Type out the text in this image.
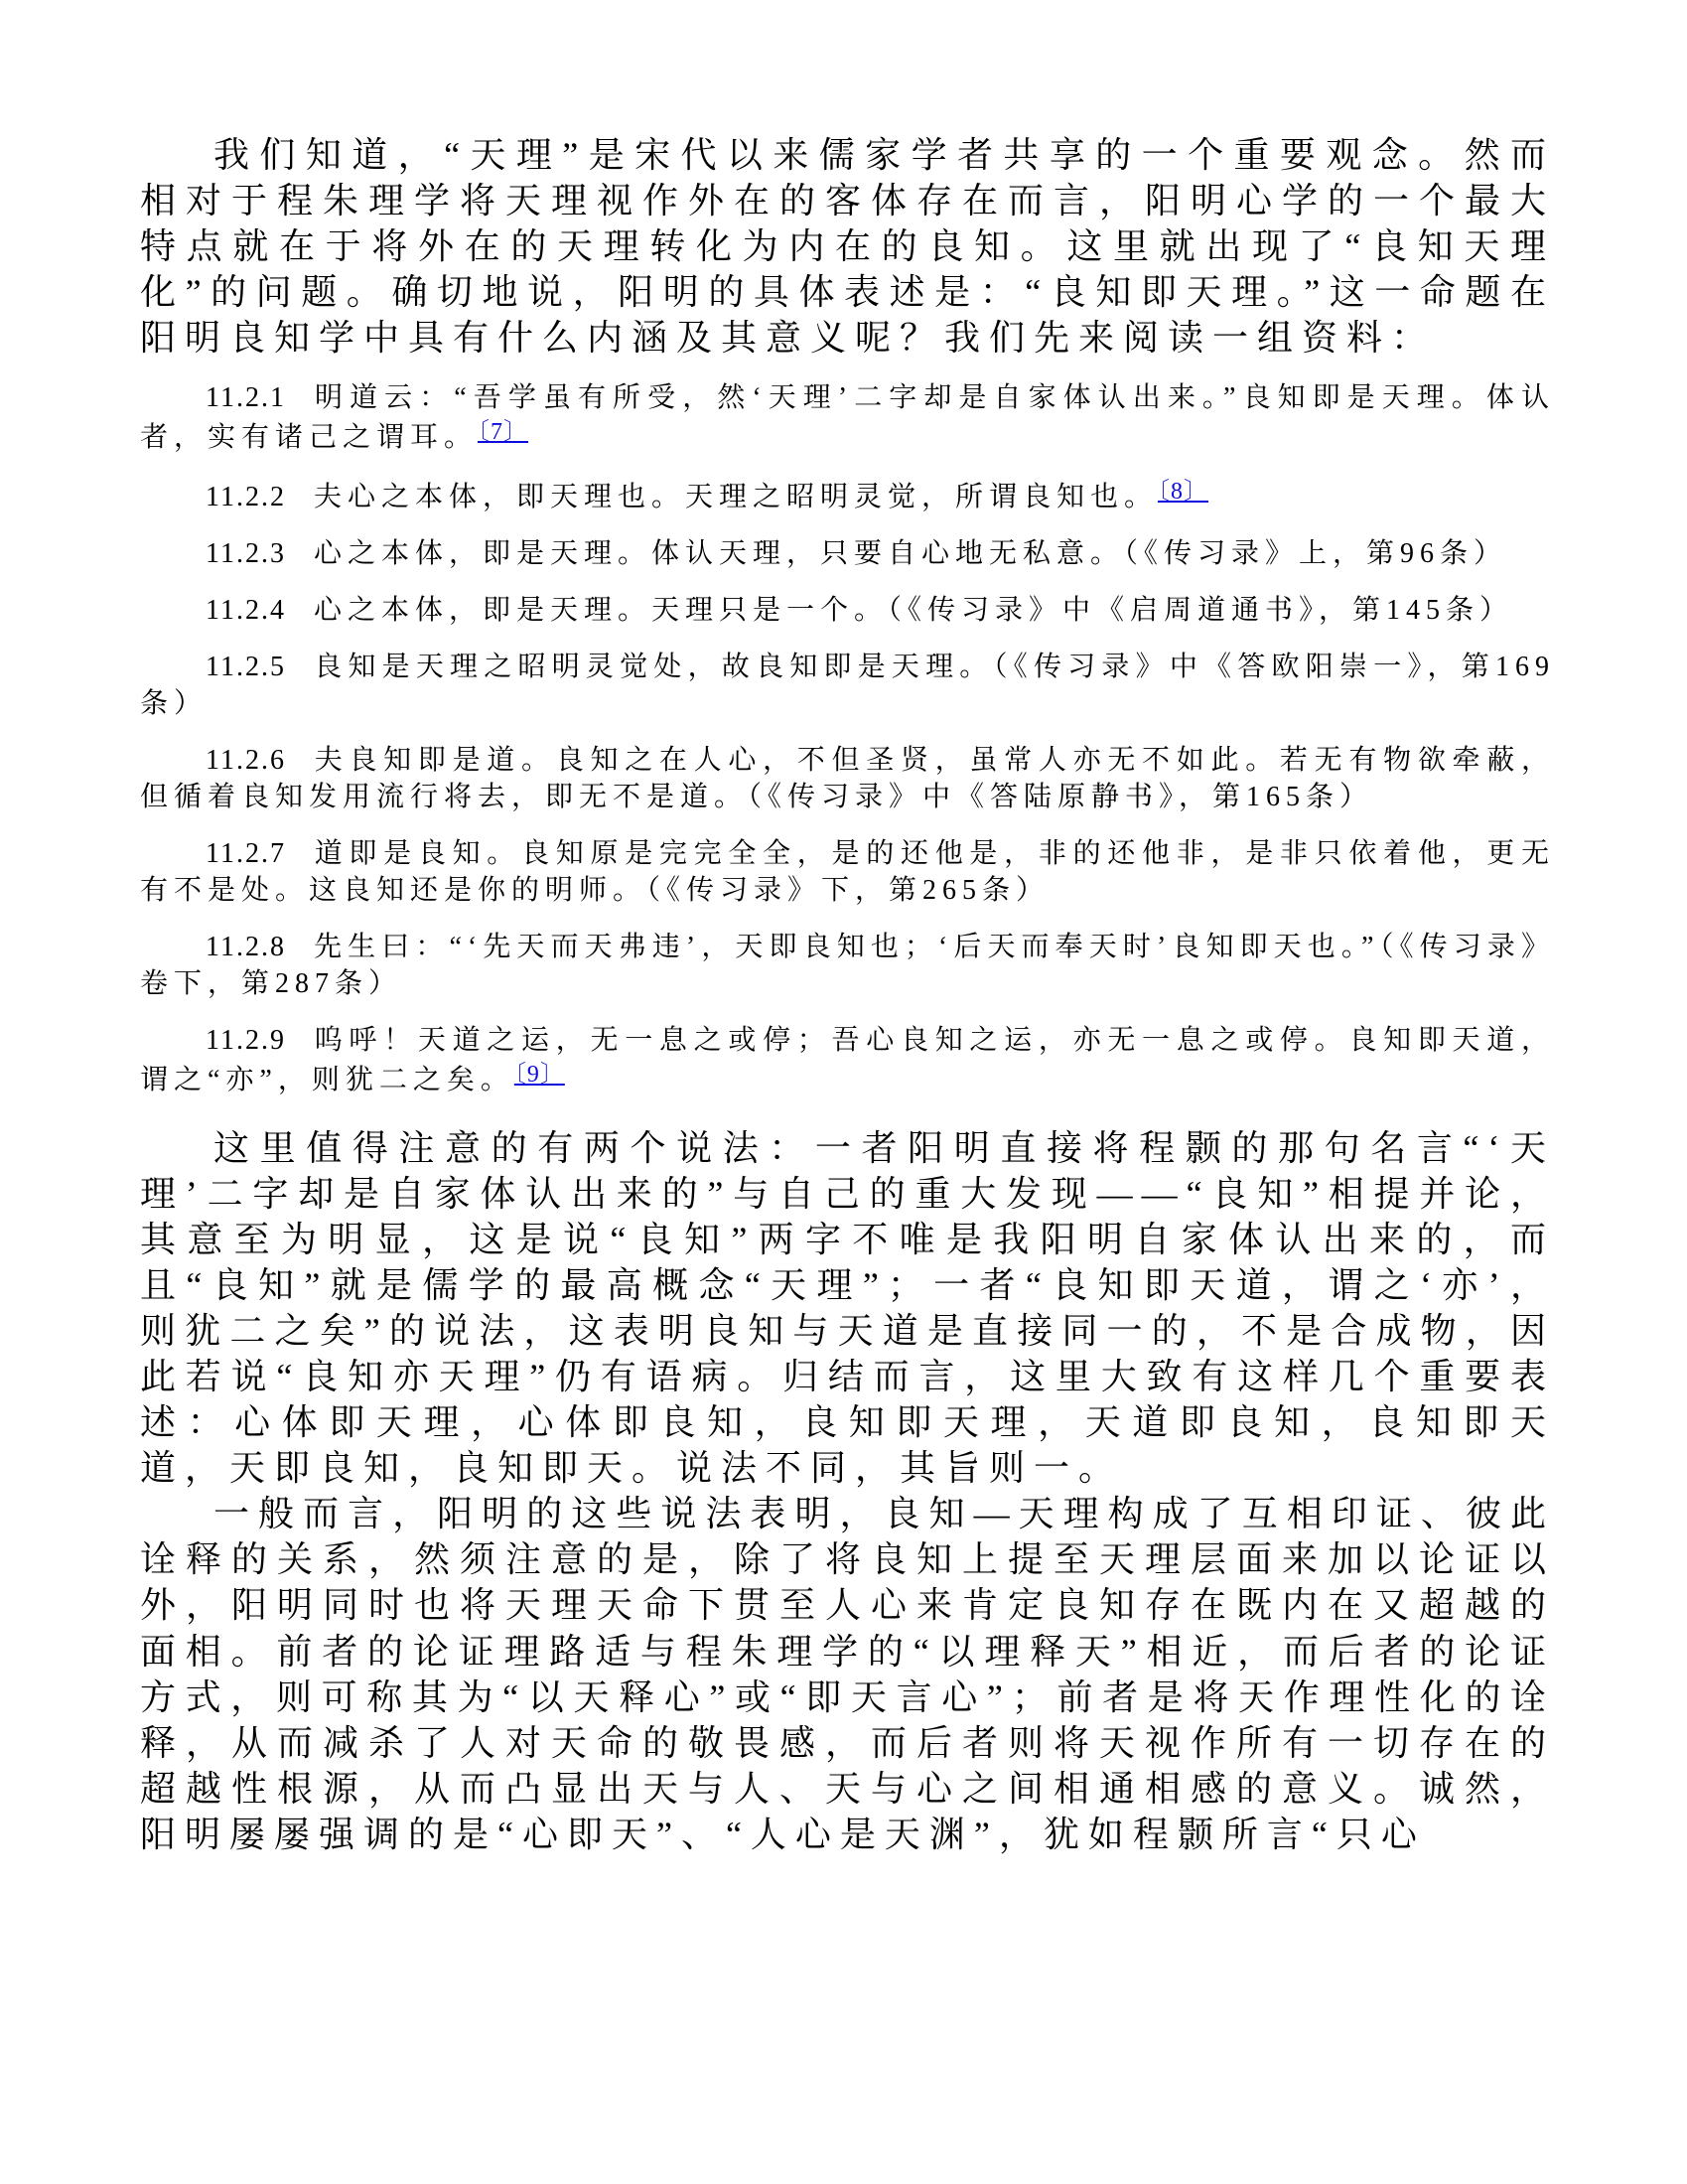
我们知道，“天理”是宋代以来儒家学者共享的一个重要观念。然而相对于程朱理学将天理视作外在的客体存在而言，阳明心学的一个最大特点就在于将外在的天理转化为内在的良知。这里就出现了“良知天理化”的问题。确切地说，阳明的具体表述是：“良知即天理。”这一命题在阳明良知学中具有什么内涵及其意义呢？我们先来阅读一组资料：

11.2.1 明道云：“吾学虽有所受，然‘天理’二字却是自家体认出来。”良知即是天理。体认者，实有诸己之谓耳。〔7〕

11.2.2 夫心之本体，即天理也。天理之昭明灵觉，所谓良知也。〔8〕

11.2.3 心之本体，即是天理。体认天理，只要自心地无私意。（《传习录》上，第96条）

11.2.4 心之本体，即是天理。天理只是一个。（《传习录》中《启周道通书》，第145条）

11.2.5 良知是天理之昭明灵觉处，故良知即是天理。（《传习录》中《答欧阳崇一》，第169条）

11.2.6 夫良知即是道。良知之在人心，不但圣贤，虽常人亦无不如此。若无有物欲牵蔽，但循着良知发用流行将去，即无不是道。（《传习录》中《答陆原静书》，第165条）

11.2.7 道即是良知。良知原是完完全全，是的还他是，非的还他非，是非只依着他，更无有不是处。这良知还是你的明师。（《传习录》下，第265条）

11.2.8 先生曰：“‘先天而天弗违’，天即良知也；‘后天而奉天时’良知即天也。”（《传习录》卷下，第287条）

11.2.9 呜呼！天道之运，无一息之或停；吾心良知之运，亦无一息之或停。良知即天道，谓之“亦”，则犹二之矣。〔9〕

这里值得注意的有两个说法：一者阳明直接将程颢的那句名言“‘天理’二字却是自家体认出来的”与自己的重大发现——“良知”相提并论，其意至为明显，这是说“良知”两字不唯是我阳明自家体认出来的，而且“良知”就是儒学的最高概念“天理”；一者“良知即天道，谓之‘亦’，则犹二之矣”的说法，这表明良知与天道是直接同一的，不是合成物，因此若说“良知亦天理”仍有语病。归结而言，这里大致有这样几个重要表述：心体即天理，心体即良知，良知即天理，天道即良知，良知即天道，天即良知，良知即天。说法不同，其旨则一。

一般而言，阳明的这些说法表明，良知—天理构成了互相印证、彼此诠释的关系，然须注意的是，除了将良知上提至天理层面来加以论证以外，阳明同时也将天理天命下贯至人心来肯定良知存在既内在又超越的面相。前者的论证理路适与程朱理学的“以理释天”相近，而后者的论证方式，则可称其为“以天释心”或“即天言心”；前者是将天作理性化的诠释，从而减杀了人对天命的敬畏感，而后者则将天视作所有一切存在的超越性根源，从而凸显出天与人、天与心之间相通相感的意义。诚然，阳明屡屡强调的是“心即天”、“人心是天渊”，犹如程颢所言“只心
